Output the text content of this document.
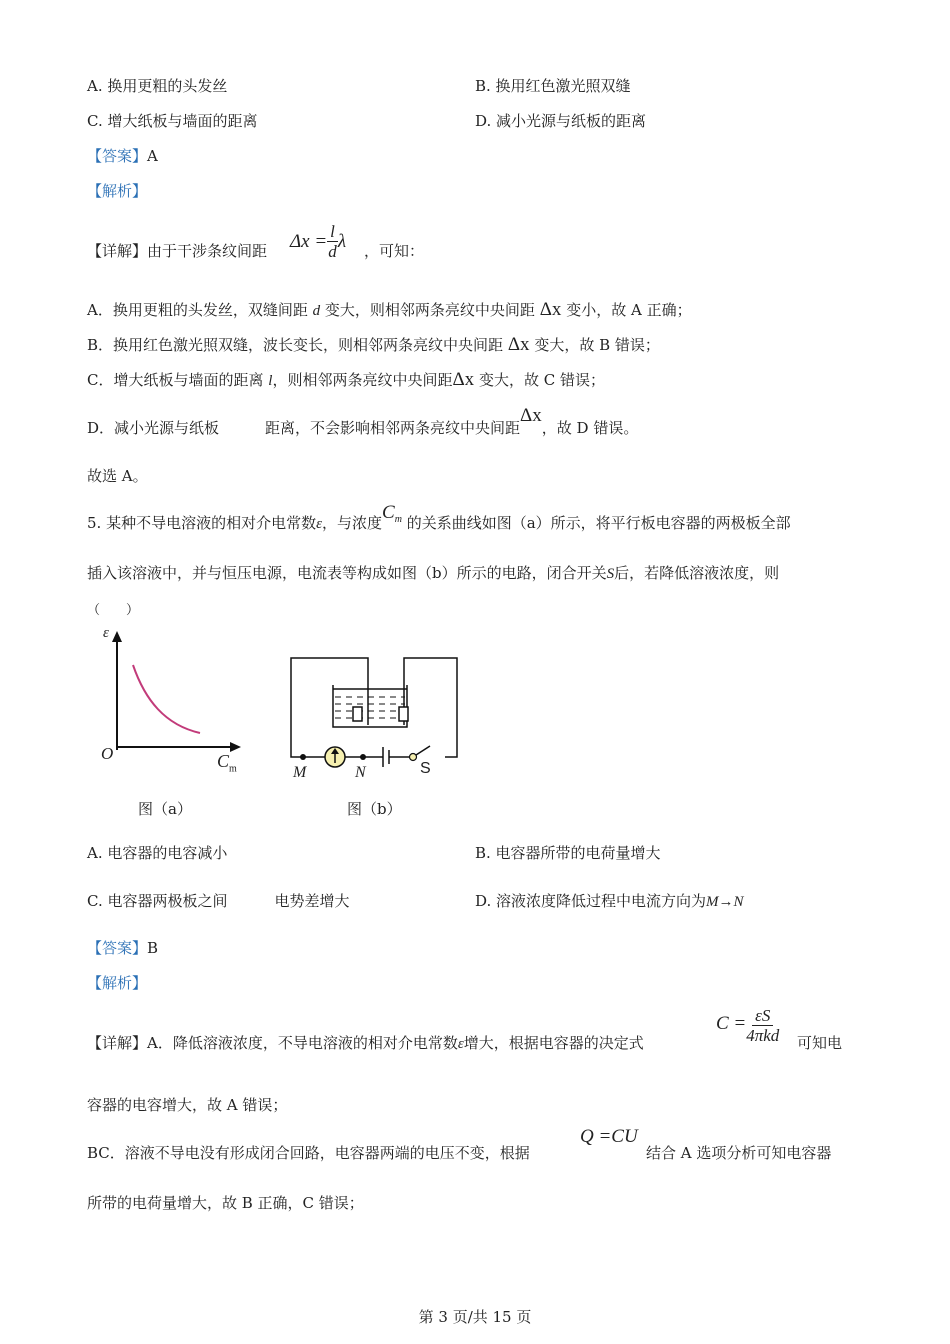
A. 换用更粗的头发丝	B. 换用红色激光照双缝
C. 增大纸板与墙面的距离	D. 减小光源与纸板的距离
【答案】A
【解析】
【详解】由于干涉条纹间距 $\Delta x = \frac{l}{d}$ λ ，可知：
A．换用更粗的头发丝，双缝间距 d 变大，则相邻两条亮纹中央间距 Δx 变小，故 A 正确；
B．换用红色激光照双缝，波长变长，则相邻两条亮纹中央间距 Δx 变大，故 B 错误；
C．增大纸板与墙面的距离 l，则相邻两条亮纹中央间距Δx 变大，故 C 错误；
D．减小光源与纸板	距离，不会影响相邻两条亮纹中央间距Δx，故 D 错误。
故选 A。
5. 某种不导电溶液的相对介电常数ε，与浓度$C_m$ 的关系曲线如图（a）所示，将平行板电容器的两极板全部
插入该溶液中，并与恒压电源，电流表等构成如图（b）所示的电路，闭合开关S后，若降低溶液浓度，则
（　　）
ε
O	$C_m$
图（a）
M	N	S
图（b）
A. 电容器的电容减小	B. 电容器所带的电荷量增大
C. 电容器两极板之间	电势差增大	D. 溶液浓度降低过程中电流方向为M→N
【答案】B
【解析】
【详解】A．降低溶液浓度，不导电溶液的相对介电常数ε增大，根据电容器的决定式
$C = \frac{\varepsilon S}{\text{4πkd}}$ 可知电
容器的电容增大，故 A 错误；
BC．溶液不导电没有形成闭合回路，电容器两端的电压不变，根据
Q =CU
结合 A 选项分析可知电容器
所带的电荷量增大，故 B 正确，C 错误；
第 3 页/共 15 页
